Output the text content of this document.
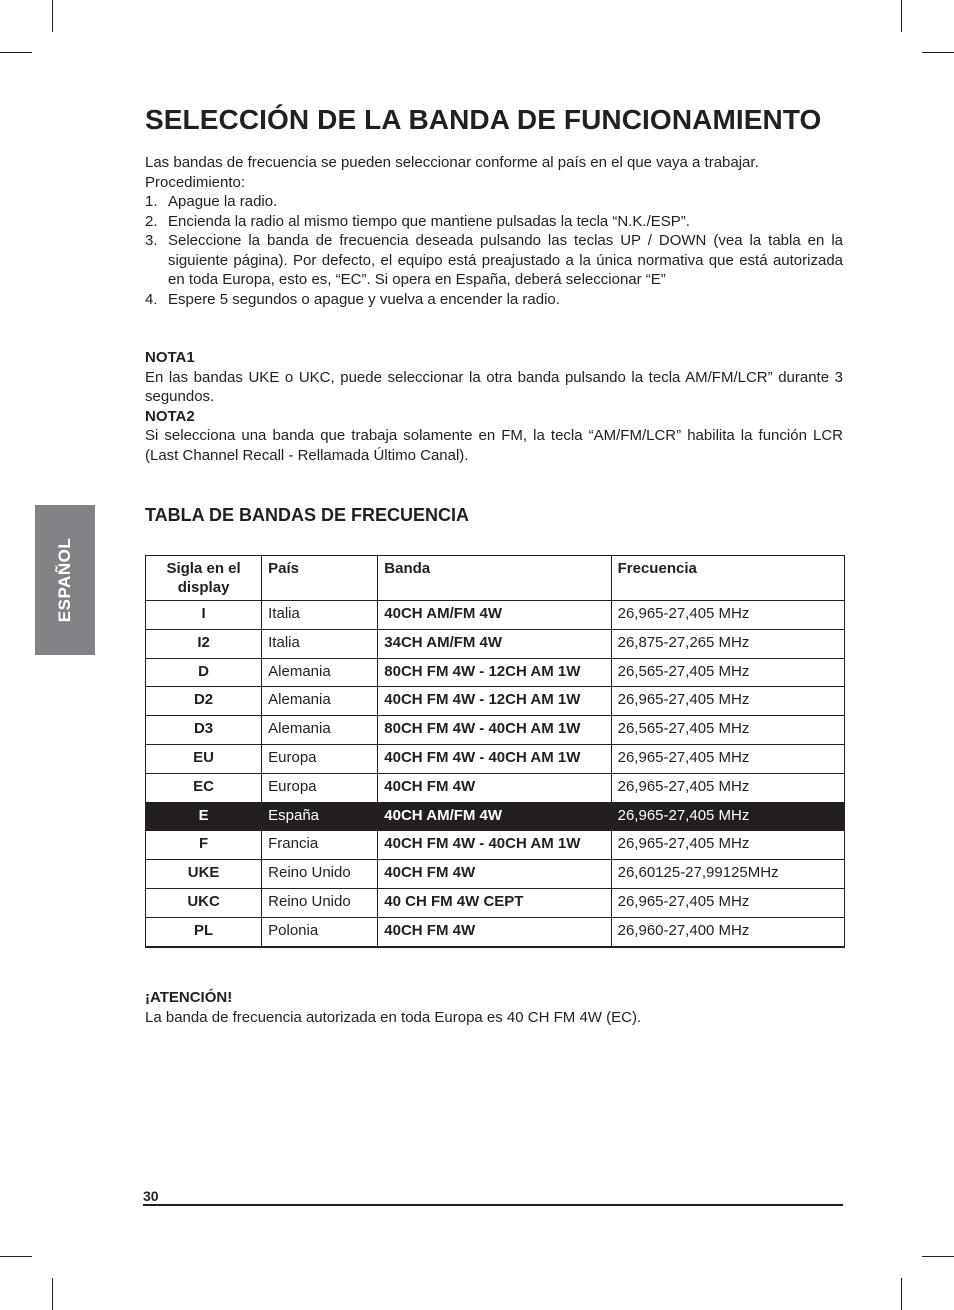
SELECCIÓN DE LA BANDA DE FUNCIONAMIENTO

Las bandas de frecuencia se pueden seleccionar conforme al país en el que vaya a trabajar.

Procedimiento:

1. Apague la radio.
2. Encienda la radio al mismo tiempo que mantiene pulsadas la tecla “N.K./ESP”.
3. Seleccione la banda de frecuencia deseada pulsando las teclas UP / DOWN (vea la tabla en la siguiente página). Por defecto, el equipo está preajustado a la única normativa que está autorizada en toda Europa, esto es, “EC”. Si opera en España, deberá seleccionar “E”
4. Espere 5 segundos o apague y vuelva a encender la radio.

NOTA1

En las bandas UKE o UKC, puede seleccionar la otra banda pulsando la tecla AM/FM/LCR” durante 3 segundos.

NOTA2

Si selecciona una banda que trabaja solamente en FM, la tecla “AM/FM/LCR” habilita la función LCR (Last Channel Recall - Rellamada Último Canal).

ESPAÑOL
TABLA DE BANDAS DE FRECUENCIA
Sigla en el display	País	Banda	Frecuencia
I	Italia	40CH AM/FM 4W	26,965-27,405 MHz
I2	Italia	34CH AM/FM 4W	26,875-27,265 MHz
D	Alemania	80CH FM 4W - 12CH AM 1W	26,565-27,405 MHz
D2	Alemania	40CH FM 4W - 12CH AM 1W	26,965-27,405 MHz
D3	Alemania	80CH FM 4W - 40CH AM 1W	26,565-27,405 MHz
EU	Europa	40CH FM 4W - 40CH AM 1W	26,965-27,405 MHz
EC	Europa	40CH FM 4W	26,965-27,405 MHz
E	España	40CH AM/FM 4W	26,965-27,405 MHz
F	Francia	40CH FM 4W - 40CH AM 1W	26,965-27,405 MHz
UKE	Reino Unido	40CH FM 4W	26,60125-27,99125MHz
UKC	Reino Unido	40 CH FM 4W CEPT	26,965-27,405 MHz
PL	Polonia	40CH FM 4W	26,960-27,400 MHz

¡ATENCIÓN!

La banda de frecuencia autorizada en toda Europa es 40 CH FM 4W (EC).

30
